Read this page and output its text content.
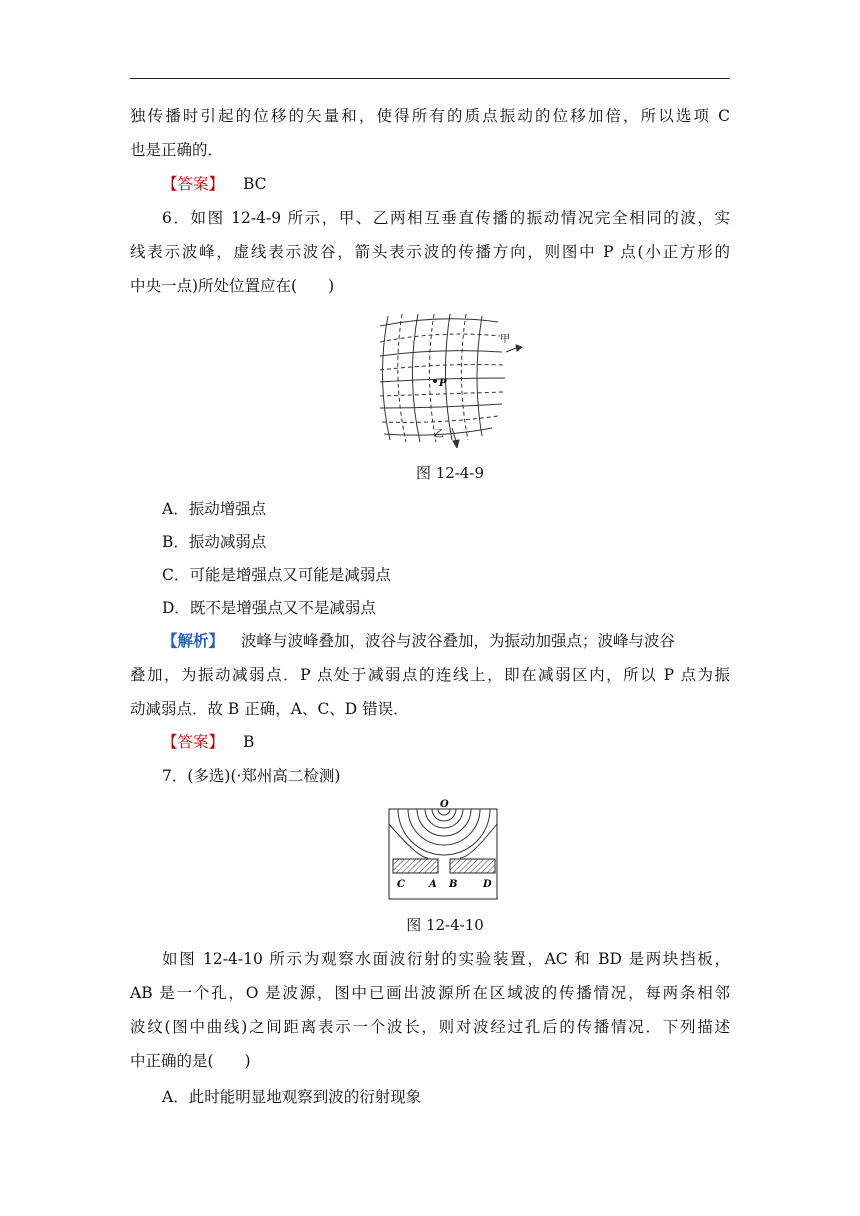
独传播时引起的位移的矢量和，使得所有的质点振动的位移加倍，所以选项 C
也是正确的．
【答案】 BC
6．如图 12-4-9 所示，甲、乙两相互垂直传播的振动情况完全相同的波，实
线表示波峰，虚线表示波谷，箭头表示波的传播方向，则图中 P 点(小正方形的
中央一点)所处位置应在(　　)
P
甲
乙
图 12-4-9
A．振动增强点
B．振动减弱点
C．可能是增强点又可能是减弱点
D．既不是增强点又不是减弱点
【解析】 波峰与波峰叠加，波谷与波谷叠加，为振动加强点；波峰与波谷
叠加，为振动减弱点．P 点处于减弱点的连线上，即在减弱区内，所以 P 点为振
动减弱点．故 B 正确，A、C、D 错误．
【答案】 B
7．(多选)(·郑州高二检测)
O
C A B	D
图 12-4-10
如图 12-4-10 所示为观察水面波衍射的实验装置，AC 和 BD 是两块挡板，
AB 是一个孔，O 是波源，图中已画出波源所在区域波的传播情况，每两条相邻
波纹(图中曲线)之间距离表示一个波长，则对波经过孔后的传播情况．下列描述
中正确的是(　　)
A．此时能明显地观察到波的衍射现象
